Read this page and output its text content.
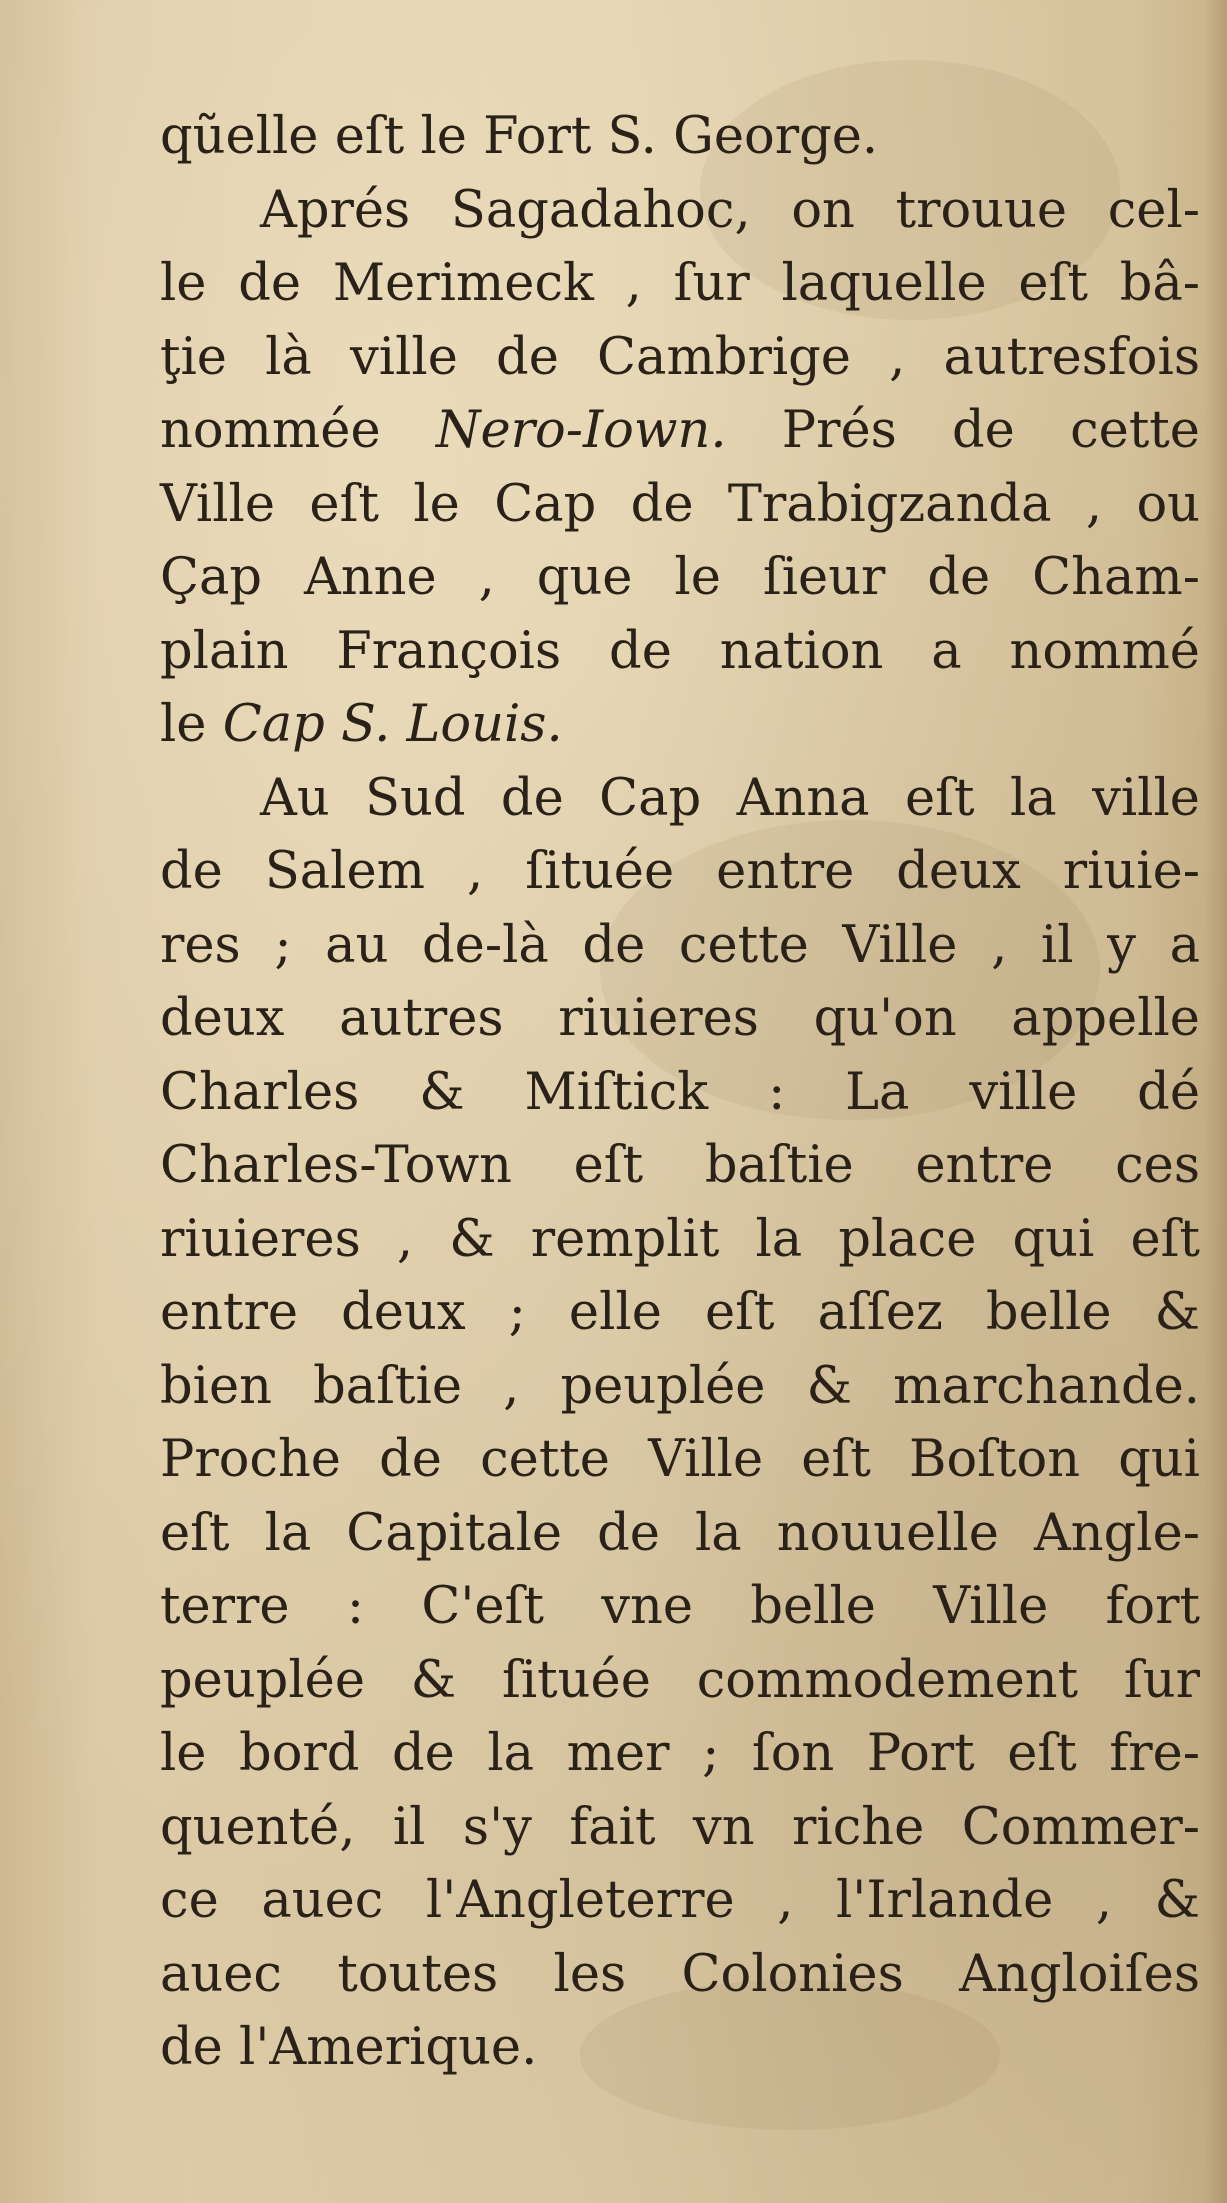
qũelle eſt le Fort S. George.
Aprés Sagadahoc, on trouue cel-
le de Merimeck , ſur laquelle eſt bâ-
ţie là ville de Cambrige , autresfois
nommée Nero-Iown. Prés de cette
Ville eſt le Cap de Trabigzanda , ou
Çap Anne , que le ſieur de Cham-
plain François de nation a nommé
le Cap S. Louis.
Au Sud de Cap Anna eſt la ville
de Salem , ſituée entre deux riuie-
res ; au de-là de cette Ville , il y a
deux autres riuieres qu'on appelle
Charles & Miſtick : La ville dé
Charles-Town eſt baſtie entre ces
riuieres , & remplit la place qui eſt
entre deux ; elle eſt aſſez belle &
bien baſtie , peuplée & marchande.
Proche de cette Ville eſt Boſton qui
eſt la Capitale de la nouuelle Angle-
terre : C'eſt vne belle Ville fort
peuplée & ſituée commodement ſur
le bord de la mer ; ſon Port eſt fre-
quenté, il s'y fait vn riche Commer-
ce auec l'Angleterre , l'Irlande , &
auec toutes les Colonies Angloiſes
de l'Amerique.
